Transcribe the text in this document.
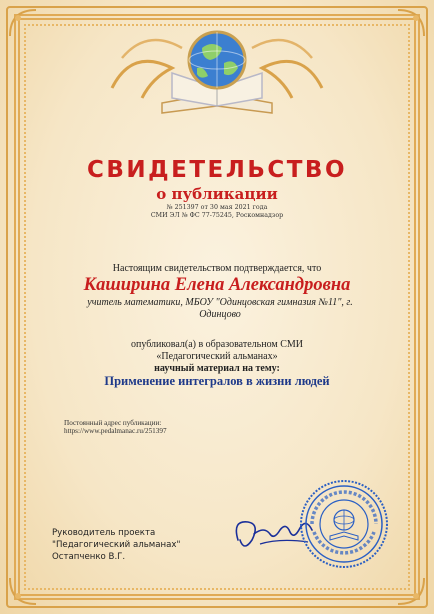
СВИДЕТЕЛЬСТВО
о публикации
№ 251397 от 30 мая 2021 года
СМИ ЭЛ № ФС 77-75245, Роскомнадзор
Настоящим свидетельством подтверждается, что
Каширина Елена Александровна
учитель математики, МБОУ "Одинцовская гимназия №11", г.
Одинцово
опубликовал(а) в образовательном СМИ
«Педагогический альманах»
научный материал на тему:
Применение интегралов в жизни людей
Постоянный адрес публикации:
https://www.pedalmanac.ru/251397
Руководитель проекта
"Педагогический альманах"
Остапченко В.Г.
